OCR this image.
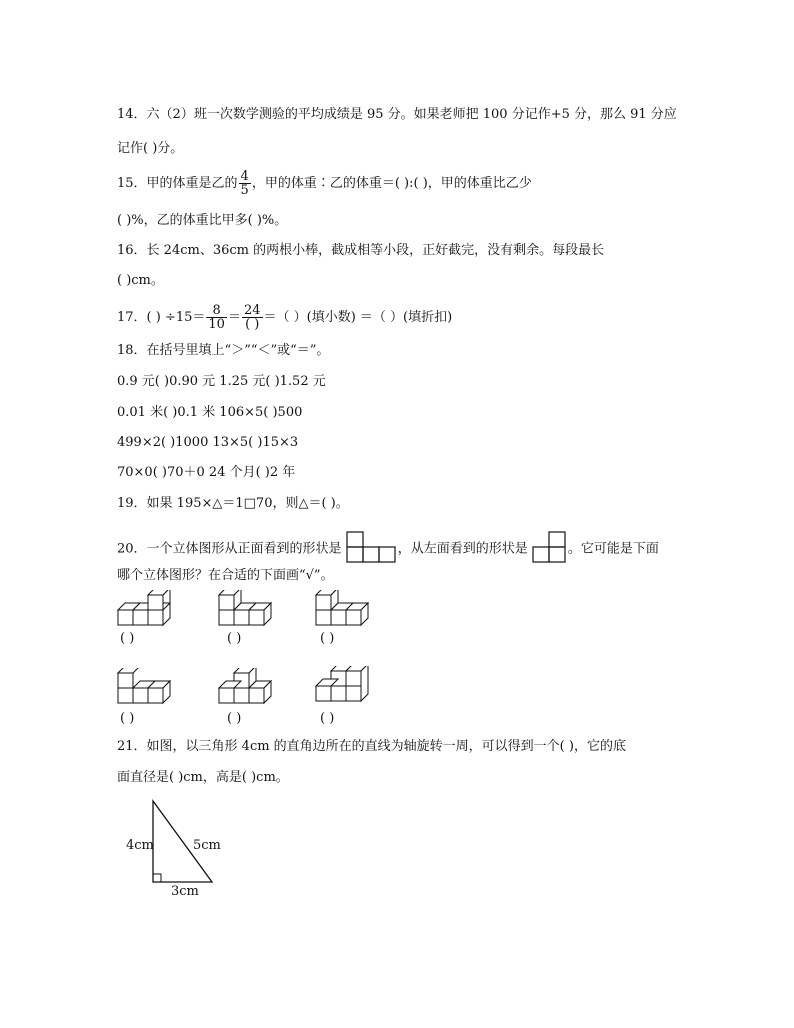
14．六（2）班一次数学测验的平均成绩是 95 分。如果老师把 100 分记作+5 分，那么 91 分应
记作( )分。
15．甲的体重是乙的 $\frac{4}{5}$ ，甲的体重∶乙的体重＝( ):( )，甲的体重比乙少
( )%，乙的体重比甲多( )%。
16．长 24cm、36cm 的两根小棒，截成相等小段，正好截完，没有剩余。每段最长
( )cm。
17．( ) $\div 15= \frac{8}{10} = \frac{24}{( )}$ ＝（ ）(填小数) ＝（ ）(填折扣)
18．在括号里填上“＞”“＜”或“＝”。
0.9 元( )0.90 元 1.25 元( )1.52 元
0.01 米( )0.1 米 106×5( )500
499×2( )1000 13×5( )15×3
70×0( )70＋0 24 个月( )2 年
19．如果 195×△＝1□70，则△＝( )。
20．一个立体图形从正面看到的形状是	，从左面看到的形状是	。它可能是下面
哪个立体图形？在合适的下面画“√”。
( )	( )	( )
( )	( )	( )
21．如图，以三角形 4cm 的直角边所在的直线为轴旋转一周，可以得到一个( )，它的底
面直径是( )cm，高是( )cm。
4cm	5cm
3cm
